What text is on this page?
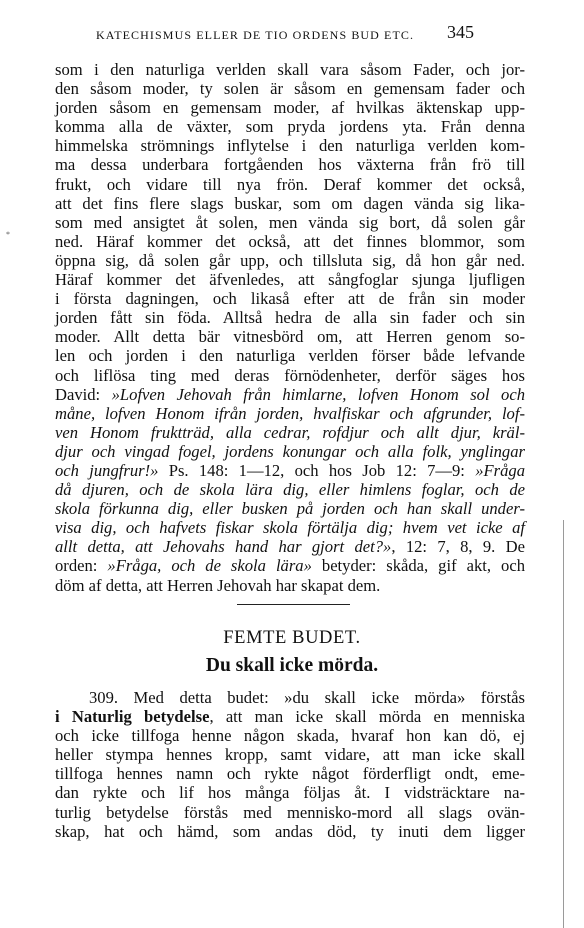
KATECHISMUS ELLER DE TIO ORDENS BUD ETC.	345
*
som i den naturliga verlden skall vara såsom Fader, och jor-
den såsom moder, ty solen är såsom en gemensam fader och
jorden såsom en gemensam moder, af hvilkas äktenskap upp-
komma alla de växter, som pryda jordens yta. Från denna
himmelska strömnings inflytelse i den naturliga verlden kom-
ma dessa underbara fortgåenden hos växterna från frö till
frukt, och vidare till nya frön. Deraf kommer det också,
att det fins flere slags buskar, som om dagen vända sig lika-
som med ansigtet åt solen, men vända sig bort, då solen går
ned. Häraf kommer det också, att det finnes blommor, som
öppna sig, då solen går upp, och tillsluta sig, då hon går ned.
Häraf kommer det äfvenledes, att sångfoglar sjunga ljufligen
i första dagningen, och likaså efter att de från sin moder
jorden fått sin föda. Alltså hedra de alla sin fader och sin
moder. Allt detta bär vitnesbörd om, att Herren genom so-
len och jorden i den naturliga verlden förser både lefvande
och liflösa ting med deras förnödenheter, derför säges hos
David: »Lofven Jehovah från himlarne, lofven Honom sol och
måne, lofven Honom ifrån jorden, hvalfiskar och afgrunder, lof-
ven Honom fruktträd, alla cedrar, rofdjur och allt djur, kräl-
djur och vingad fogel, jordens konungar och alla folk, ynglingar
och jungfrur!» Ps. 148: 1—12, och hos Job 12: 7—9: »Fråga
då djuren, och de skola lära dig, eller himlens foglar, och de
skola förkunna dig, eller busken på jorden och han skall under-
visa dig, och hafvets fiskar skola förtälja dig; hvem vet icke af
allt detta, att Jehovahs hand har gjort det?», 12: 7, 8, 9. De
orden: »Fråga, och de skola lära» betyder: skåda, gif akt, och
döm af detta, att Herren Jehovah har skapat dem.
FEMTE BUDET.
Du skall icke mörda.
309. Med detta budet: »du skall icke mörda» förstås
i Naturlig betydelse, att man icke skall mörda en menniska
och icke tillfoga henne någon skada, hvaraf hon kan dö, ej
heller stympa hennes kropp, samt vidare, att man icke skall
tillfoga hennes namn och rykte något förderfligt ondt, eme-
dan rykte och lif hos många följas åt. I vidsträcktare na-
turlig betydelse förstås med mennisko-mord all slags ovän-
skap, hat och hämd, som andas död, ty inuti dem ligger
